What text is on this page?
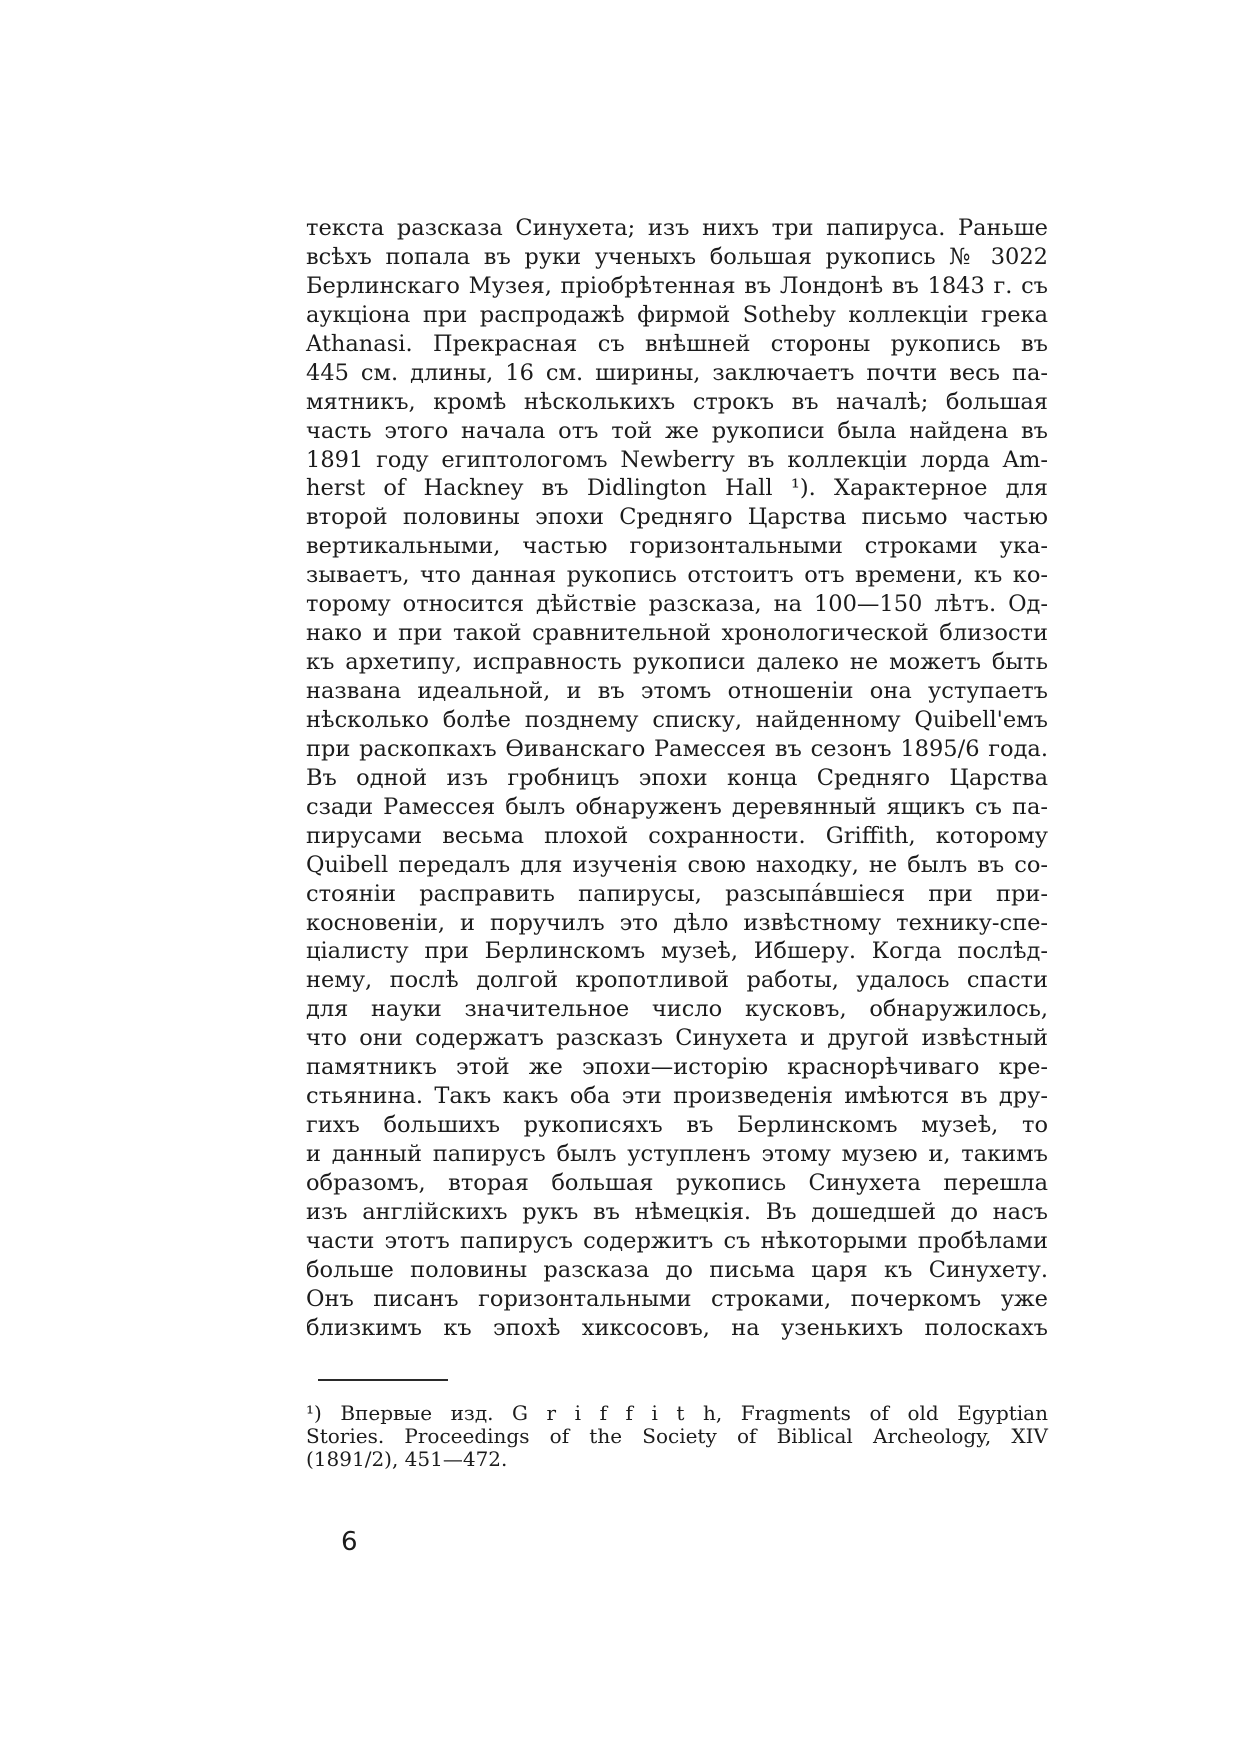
текста разсказа Синухета; изъ нихъ три папируса. Раньше
всѣхъ попала въ руки ученыхъ большая рукопись № 3022
Берлинскаго Музея, пріобрѣтенная въ Лондонѣ въ 1843 г. съ
аукціона при распродажѣ фирмой Sotheby коллекціи грека
Athanasi. Прекрасная съ внѣшней стороны рукопись въ
445 см. длины, 16 см. ширины, заключаетъ почти весь па-
мятникъ, кромѣ нѣсколькихъ строкъ въ началѣ; большая
часть этого начала отъ той же рукописи была найдена въ
1891 году египтологомъ Newberry въ коллекціи лорда Am-
herst of Hackney въ Didlington Hall ¹). Характерное для
второй половины эпохи Средняго Царства письмо частью
вертикальными, частью горизонтальными строками ука-
зываетъ, что данная рукопись отстоитъ отъ времени, къ ко-
торому относится дѣйствіе разсказа, на 100—150 лѣтъ. Од-
нако и при такой сравнительной хронологической близости
къ архетипу, исправность рукописи далеко не можетъ быть
названа идеальной, и въ этомъ отношеніи она уступаетъ
нѣсколько болѣе позднему списку, найденному Quibell'емъ
при раскопкахъ Ѳиванскаго Рамессея въ сезонъ 1895/6 года.
Въ одной изъ гробницъ эпохи конца Средняго Царства
сзади Рамессея былъ обнаруженъ деревянный ящикъ съ па-
пирусами весьма плохой сохранности. Griffith, которому
Quibell передалъ для изученія свою находку, не былъ въ со-
стояніи расправить папирусы, разсыпа́вшіеся при при-
косновеніи, и поручилъ это дѣло извѣстному технику-спе-
ціалисту при Берлинскомъ музеѣ, Ибшеру. Когда послѣд-
нему, послѣ долгой кропотливой работы, удалось спасти
для науки значительное число кусковъ, обнаружилось,
что они содержатъ разсказъ Синухета и другой извѣстный
памятникъ этой же эпохи—исторію краснорѣчиваго кре-
стьянина. Такъ какъ оба эти произведенія имѣются въ дру-
гихъ большихъ рукописяхъ въ Берлинскомъ музеѣ, то
и данный папирусъ былъ уступленъ этому музею и, такимъ
образомъ, вторая большая рукопись Синухета перешла
изъ англійскихъ рукъ въ нѣмецкія. Въ дошедшей до насъ
части этотъ папирусъ содержитъ съ нѣкоторыми пробѣлами
больше половины разсказа до письма царя къ Синухету.
Онъ писанъ горизонтальными строками, почеркомъ уже
близкимъ къ эпохѣ хиксосовъ, на узенькихъ полоскахъ
¹) Впервые изд. G r i f f i t h, Fragments of old Egyptian
Stories. Proceedings of the Society of Biblical Archeology, XIV
(1891/2), 451—472.
6
